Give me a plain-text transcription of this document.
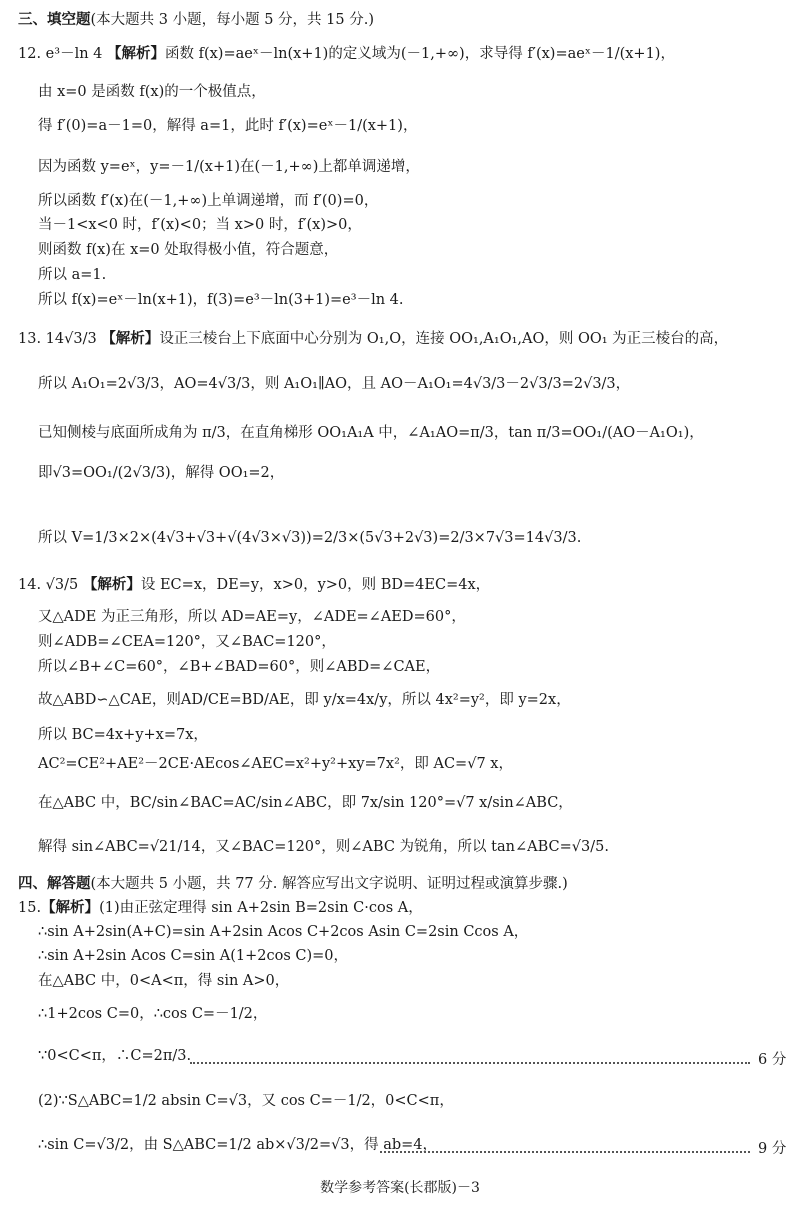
三、填空题(本大题共 3 小题，每小题 5 分，共 15 分.)
12. e³－ln 4 【解析】函数 f(x)=aeˣ－ln(x+1)的定义域为(－1,+∞)，求导得 f′(x)=aeˣ－1/(x+1)，
由 x=0 是函数 f(x)的一个极值点，
得 f′(0)=a－1=0，解得 a=1，此时 f′(x)=eˣ－1/(x+1)，
因为函数 y=eˣ，y=－1/(x+1)在(－1,+∞)上都单调递增，
所以函数 f′(x)在(－1,+∞)上单调递增，而 f′(0)=0，
当－1<x<0 时，f′(x)<0；当 x>0 时，f′(x)>0，
则函数 f(x)在 x=0 处取得极小值，符合题意，
所以 a=1.
所以 f(x)=eˣ－ln(x+1)，f(3)=e³－ln(3+1)=e³－ln 4.
13. 14√3/3 【解析】设正三棱台上下底面中心分别为 O₁,O，连接 OO₁,A₁O₁,AO，则 OO₁ 为正三棱台的高，
所以 A₁O₁=2√3/3，AO=4√3/3，则 A₁O₁∥AO，且 AO－A₁O₁=4√3/3－2√3/3=2√3/3，
已知侧棱与底面所成角为 π/3，在直角梯形 OO₁A₁A 中，∠A₁AO=π/3，tan π/3=OO₁/(AO－A₁O₁)，
即√3=OO₁/(2√3/3)，解得 OO₁=2，
所以 V=1/3×2×(4√3+√3+√(4√3×√3))=2/3×(5√3+2√3)=2/3×7√3=14√3/3.
14. √3/5 【解析】设 EC=x，DE=y，x>0，y>0，则 BD=4EC=4x，
又△ADE 为正三角形，所以 AD=AE=y，∠ADE=∠AED=60°，
则∠ADB=∠CEA=120°，又∠BAC=120°，
所以∠B+∠C=60°，∠B+∠BAD=60°，则∠ABD=∠CAE，
故△ABD∽△CAE，则AD/CE=BD/AE，即 y/x=4x/y，所以 4x²=y²，即 y=2x，
所以 BC=4x+y+x=7x，
AC²=CE²+AE²－2CE·AEcos∠AEC=x²+y²+xy=7x²，即 AC=√7 x，
在△ABC 中，BC/sin∠BAC=AC/sin∠ABC，即 7x/sin 120°=√7 x/sin∠ABC，
解得 sin∠ABC=√21/14，又∠BAC=120°，则∠ABC 为锐角，所以 tan∠ABC=√3/5.
四、解答题(本大题共 5 小题，共 77 分. 解答应写出文字说明、证明过程或演算步骤.)
15.【解析】(1)由正弦定理得 sin A+2sin B=2sin C·cos A，
∴sin A+2sin(A+C)=sin A+2sin Acos C+2cos Asin C=2sin Ccos A，
∴sin A+2sin Acos C=sin A(1+2cos C)=0，
在△ABC 中，0<A<π，得 sin A>0，
∴1+2cos C=0，∴cos C=－1/2，
∵0<C<π，∴C=2π/3.	6 分
(2)∵S△ABC=1/2 absin C=√3，又 cos C=－1/2，0<C<π，
∴sin C=√3/2，由 S△ABC=1/2 ab×√3/2=√3，得 ab=4，	9 分
数学参考答案(长郡版)－3
